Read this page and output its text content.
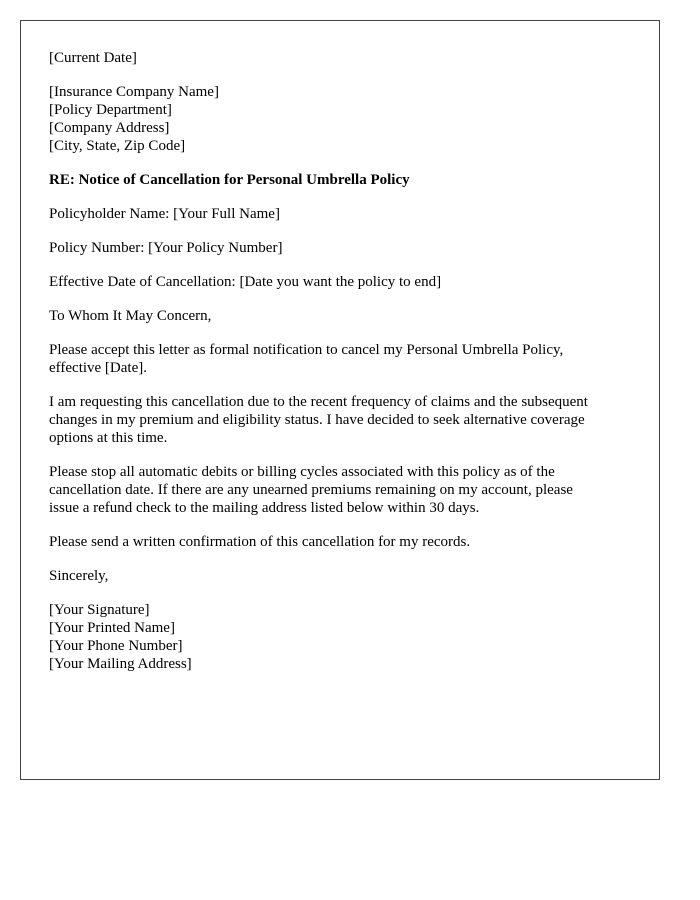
[Current Date]
[Insurance Company Name]
[Policy Department]
[Company Address]
[City, State, Zip Code]
RE: Notice of Cancellation for Personal Umbrella Policy
Policyholder Name: [Your Full Name]
Policy Number: [Your Policy Number]
Effective Date of Cancellation: [Date you want the policy to end]
To Whom It May Concern,
Please accept this letter as formal notification to cancel my Personal Umbrella Policy,
effective [Date].
I am requesting this cancellation due to the recent frequency of claims and the subsequent
changes in my premium and eligibility status. I have decided to seek alternative coverage
options at this time.
Please stop all automatic debits or billing cycles associated with this policy as of the
cancellation date. If there are any unearned premiums remaining on my account, please
issue a refund check to the mailing address listed below within 30 days.
Please send a written confirmation of this cancellation for my records.
Sincerely,
[Your Signature]
[Your Printed Name]
[Your Phone Number]
[Your Mailing Address]
